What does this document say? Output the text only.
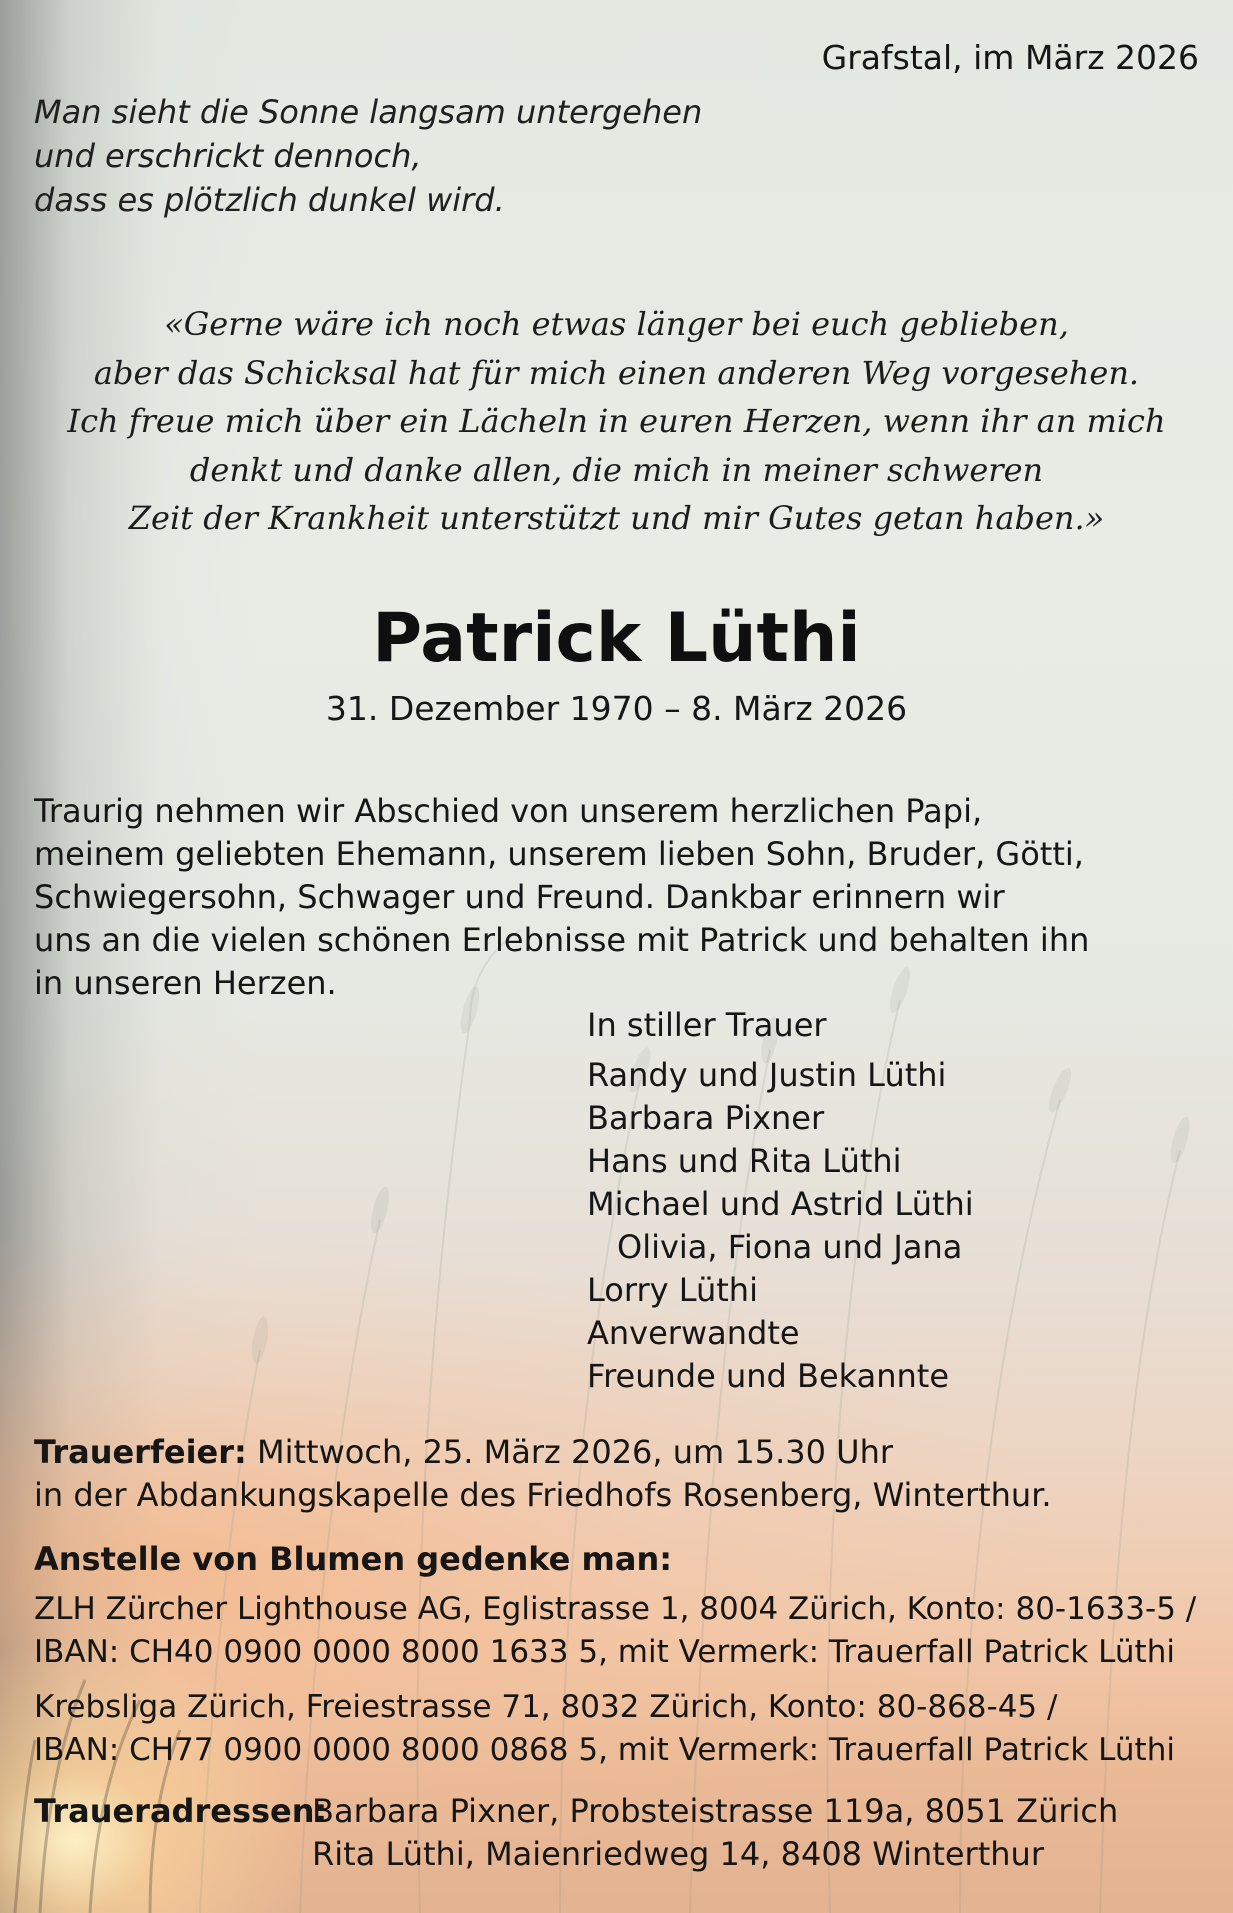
Grafstal, im März 2026

Man sieht die Sonne langsam untergehen
und erschrickt dennoch,
dass es plötzlich dunkel wird.
«Gerne wäre ich noch etwas länger bei euch geblieben,
aber das Schicksal hat für mich einen anderen Weg vorgesehen.
Ich freue mich über ein Lächeln in euren Herzen, wenn ihr an mich
denkt und danke allen, die mich in meiner schweren
Zeit der Krankheit unterstützt und mir Gutes getan haben.»
Patrick Lüthi

31. Dezember 1970 – 8. März 2026

Traurig nehmen wir Abschied von unserem herzlichen Papi,
meinem geliebten Ehemann, unserem lieben Sohn, Bruder, Götti,
Schwiegersohn, Schwager und Freund. Dankbar erinnern wir
uns an die vielen schönen Erlebnisse mit Patrick und behalten ihn
in unseren Herzen.

In stiller Trauer

Randy und Justin Lüthi
Barbara Pixner
Hans und Rita Lüthi
Michael und Astrid Lüthi
Olivia, Fiona und Jana
Lorry Lüthi
Anverwandte
Freunde und Bekannte
Trauerfeier: Mittwoch, 25. März 2026, um 15.30 Uhr
in der Abdankungskapelle des Friedhofs Rosenberg, Winterthur.

Anstelle von Blumen gedenke man:

ZLH Zürcher Lighthouse AG, Eglistrasse 1, 8004 Zürich, Konto: 80-1633-5 /
IBAN: CH40 0900 0000 8000 1633 5, mit Vermerk: Trauerfall Patrick Lüthi
Krebsliga Zürich, Freiestrasse 71, 8032 Zürich, Konto: 80-868-45 /
IBAN: CH77 0900 0000 8000 0868 5, mit Vermerk: Trauerfall Patrick Lüthi

Traueradressen:

Barbara Pixner, Probsteistrasse 119a, 8051 Zürich
Rita Lüthi, Maienriedweg 14, 8408 Winterthur
